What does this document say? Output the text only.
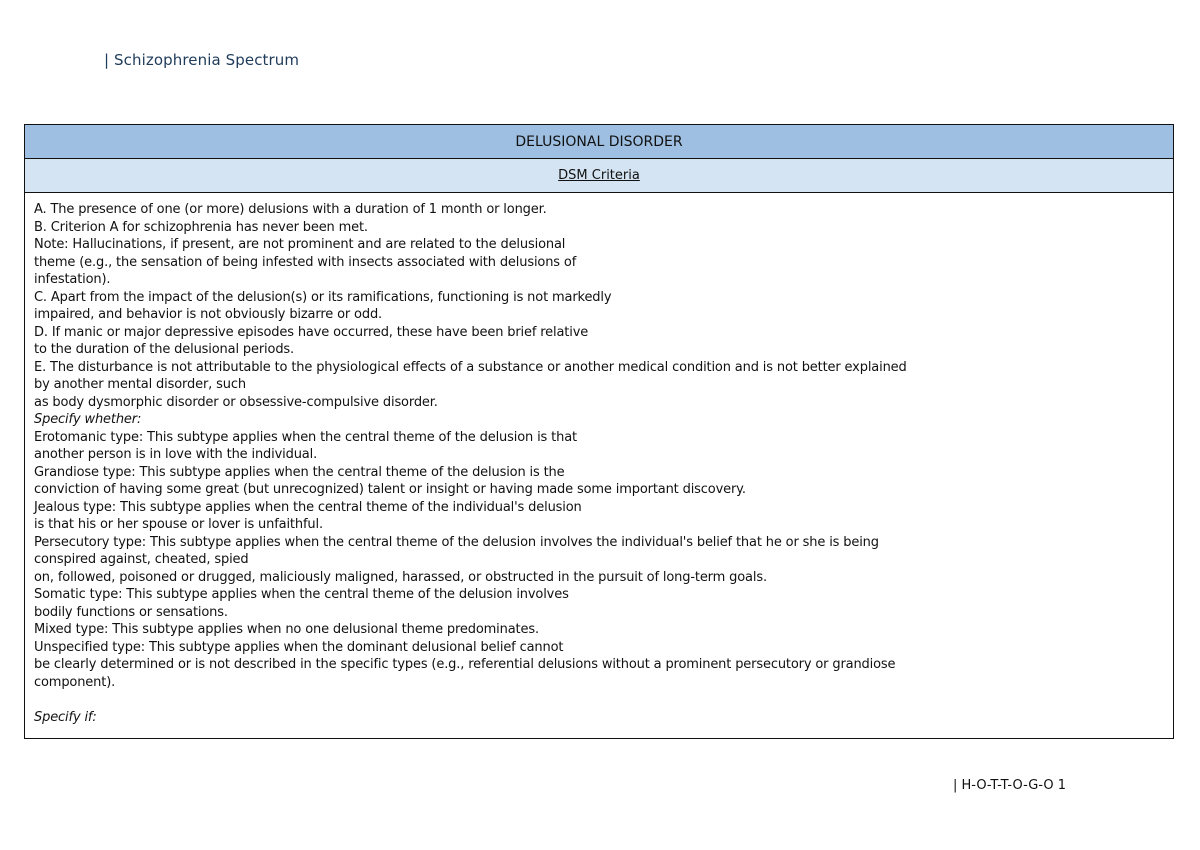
| Schizophrenia Spectrum
DELUSIONAL DISORDER
DSM Criteria
A. The presence of one (or more) delusions with a duration of 1 month or longer.
B. Criterion A for schizophrenia has never been met.
Note: Hallucinations, if present, are not prominent and are related to the delusional
theme (e.g., the sensation of being infested with insects associated with delusions of
infestation).
C. Apart from the impact of the delusion(s) or its ramifications, functioning is not markedly
impaired, and behavior is not obviously bizarre or odd.
D. If manic or major depressive episodes have occurred, these have been brief relative
to the duration of the delusional periods.
E. The disturbance is not attributable to the physiological effects of a substance or another medical condition and is not better explained
by another mental disorder, such
as body dysmorphic disorder or obsessive-compulsive disorder.
Specify whether:
Erotomanic type: This subtype applies when the central theme of the delusion is that
another person is in love with the individual.
Grandiose type: This subtype applies when the central theme of the delusion is the
conviction of having some great (but unrecognized) talent or insight or having made some important discovery.
Jealous type: This subtype applies when the central theme of the individual's delusion
is that his or her spouse or lover is unfaithful.
Persecutory type: This subtype applies when the central theme of the delusion involves the individual's belief that he or she is being
conspired against, cheated, spied
on, followed, poisoned or drugged, maliciously maligned, harassed, or obstructed in the pursuit of long-term goals.
Somatic type: This subtype applies when the central theme of the delusion involves
bodily functions or sensations.
Mixed type: This subtype applies when no one delusional theme predominates.
Unspecified type: This subtype applies when the dominant delusional belief cannot
be clearly determined or is not described in the specific types (e.g., referential delusions without a prominent persecutory or grandiose
component).
Specify if:
| H-O-T-T-O-G-O 1
